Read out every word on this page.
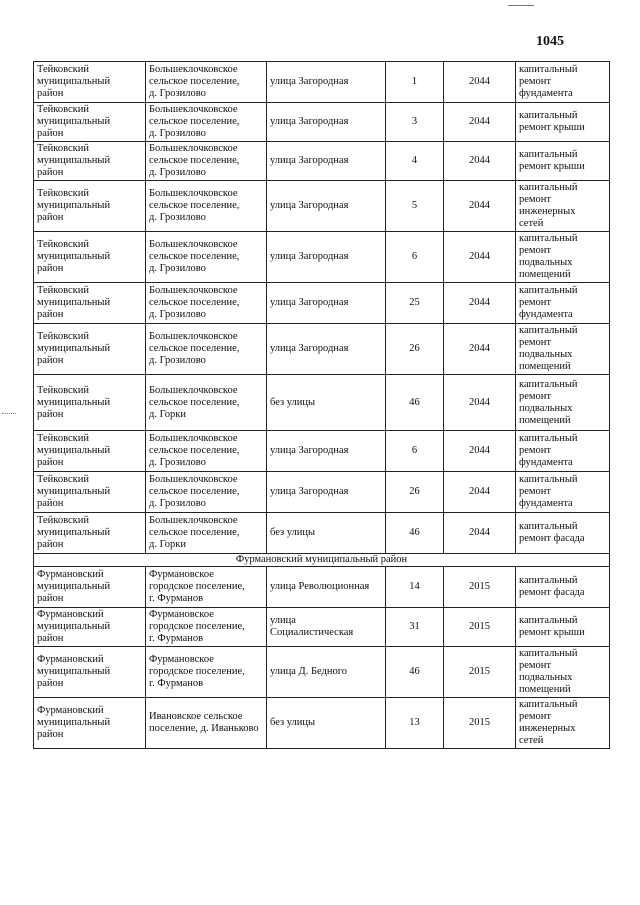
1045
Тейковский
муниципальный
район	Большеклочковское
сельское поселение,
д. Грозилово	улица Загородная	1	2044	капитальный
ремонт
фундамента
Тейковский
муниципальный
район	Большеклочковское
сельское поселение,
д. Грозилово	улица Загородная	3	2044	капитальный
ремонт крыши
Тейковский
муниципальный
район	Большеклочковское
сельское поселение,
д. Грозилово	улица Загородная	4	2044	капитальный
ремонт крыши
Тейковский
муниципальный
район	Большеклочковское
сельское поселение,
д. Грозилово	улица Загородная	5	2044	капитальный
ремонт
инженерных
сетей
Тейковский
муниципальный
район	Большеклочковское
сельское поселение,
д. Грозилово	улица Загородная	6	2044	капитальный
ремонт
подвальных
помещений
Тейковский
муниципальный
район	Большеклочковское
сельское поселение,
д. Грозилово	улица Загородная	25	2044	капитальный
ремонт
фундамента
Тейковский
муниципальный
район	Большеклочковское
сельское поселение,
д. Грозилово	улица Загородная	26	2044	капитальный
ремонт
подвальных
помещений
Тейковский
муниципальный
район	Большеклочковское
сельское поселение,
д. Горки	без улицы	46	2044	капитальный
ремонт
подвальных
помещений
Тейковский
муниципальный
район	Большеклочковское
сельское поселение,
д. Грозилово	улица Загородная	6	2044	капитальный
ремонт
фундамента
Тейковский
муниципальный
район	Большеклочковское
сельское поселение,
д. Грозилово	улица Загородная	26	2044	капитальный
ремонт
фундамента
Тейковский
муниципальный
район	Большеклочковское
сельское поселение,
д. Горки	без улицы	46	2044	капитальный
ремонт фасада
Фурмановский муниципальный район					
Фурмановский
муниципальный
район	Фурмановское
городское поселение,
г. Фурманов	улица Революционная	14	2015	капитальный
ремонт фасада
Фурмановский
муниципальный
район	Фурмановское
городское поселение,
г. Фурманов	улица
Социалистическая	31	2015	капитальный
ремонт крыши
Фурмановский
муниципальный
район	Фурмановское
городское поселение,
г. Фурманов	улица Д. Бедного	46	2015	капитальный
ремонт
подвальных
помещений
Фурмановский
муниципальный
район	Ивановское сельское
поселение, д. Иваньково	без улицы	13	2015	капитальный
ремонт
инженерных
сетей
